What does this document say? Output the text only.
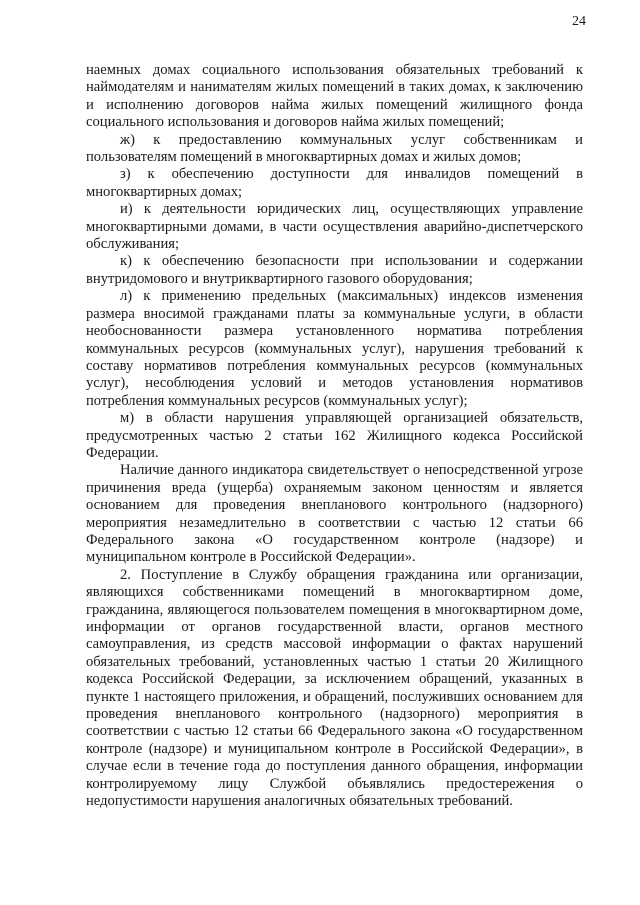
24

наемных домах социального использования обязательных требований к наймодателям и нанимателям жилых помещений в таких домах, к заключению и исполнению договоров найма жилых помещений жилищного фонда социального использования и договоров найма жилых помещений;

ж) к предоставлению коммунальных услуг собственникам и пользователям помещений в многоквартирных домах и жилых домов;

з) к обеспечению доступности для инвалидов помещений в многоквартирных домах;

и) к деятельности юридических лиц, осуществляющих управление многоквартирными домами, в части осуществления аварийно-диспетчерского обслуживания;

к) к обеспечению безопасности при использовании и содержании внутридомового и внутриквартирного газового оборудования;

л) к применению предельных (максимальных) индексов изменения размера вносимой гражданами платы за коммунальные услуги, в области необоснованности размера установленного норматива потребления коммунальных ресурсов (коммунальных услуг), нарушения требований к составу нормативов потребления коммунальных ресурсов (коммунальных услуг), несоблюдения условий и методов установления нормативов потребления коммунальных ресурсов (коммунальных услуг);

м) в области нарушения управляющей организацией обязательств, предусмотренных частью 2 статьи 162 Жилищного кодекса Российской Федерации.

Наличие данного индикатора свидетельствует о непосредственной угрозе причинения вреда (ущерба) охраняемым законом ценностям и является основанием для проведения внепланового контрольного (надзорного) мероприятия незамедлительно в соответствии с частью 12 статьи 66 Федерального закона «О государственном контроле (надзоре) и муниципальном контроле в Российской Федерации».

2. Поступление в Службу обращения гражданина или организации, являющихся собственниками помещений в многоквартирном доме, гражданина, являющегося пользователем помещения в многоквартирном доме, информации от органов государственной власти, органов местного самоуправления, из средств массовой информации о фактах нарушений обязательных требований, установленных частью 1 статьи 20 Жилищного кодекса Российской Федерации, за исключением обращений, указанных в пункте 1 настоящего приложения, и обращений, послуживших основанием для проведения внепланового контрольного (надзорного) мероприятия в соответствии с частью 12 статьи 66 Федерального закона «О государственном контроле (надзоре) и муниципальном контроле в Российской Федерации», в случае если в течение года до поступления данного обращения, информации контролируемому лицу Службой объявлялись предостережения о недопустимости нарушения аналогичных обязательных требований.
